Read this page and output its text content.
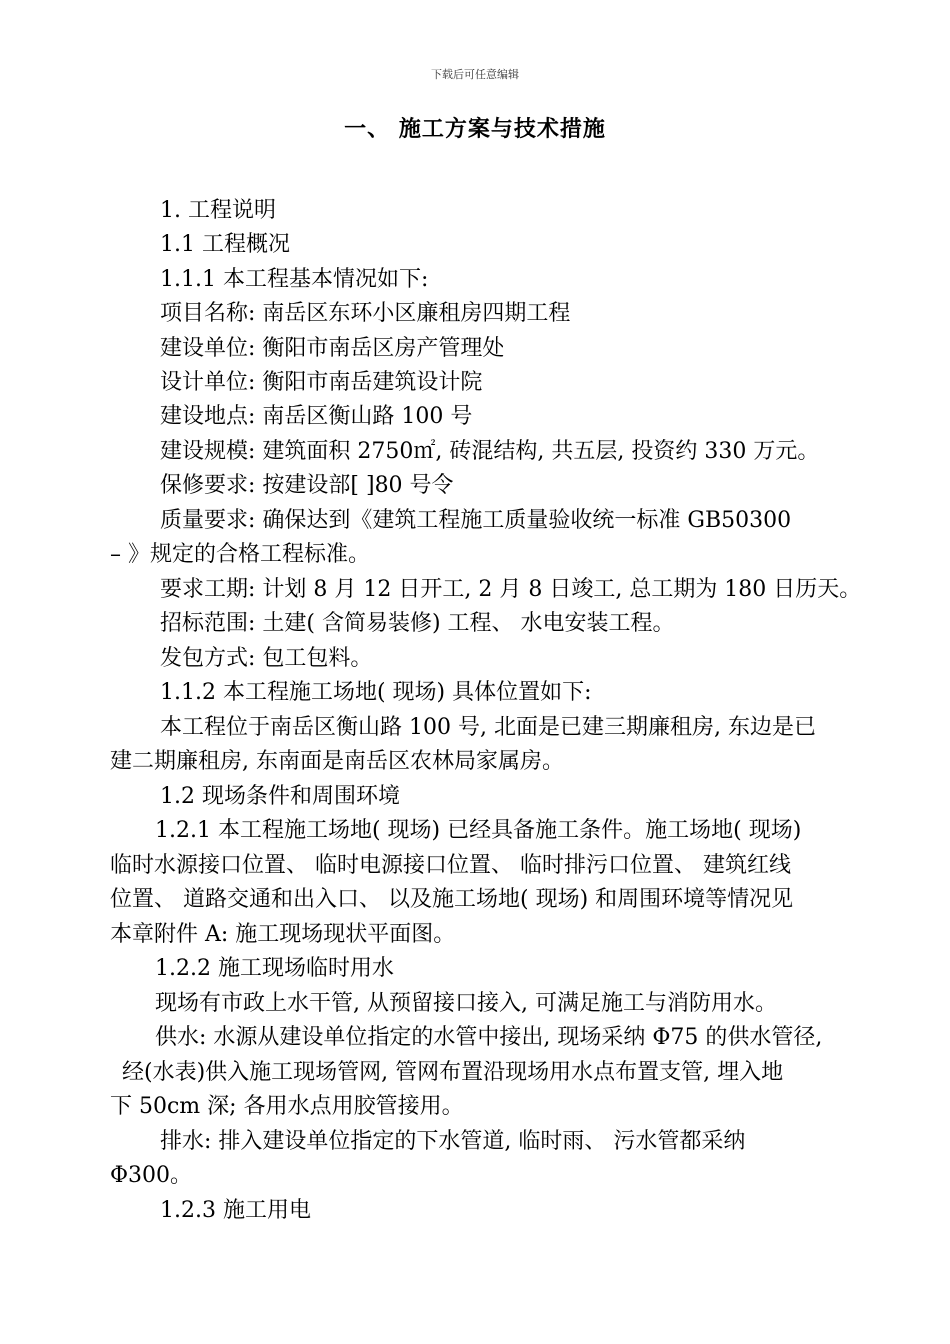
下载后可任意编辑
一、 施工方案与技术措施
1. 工程说明
1.1 工程概况
1.1.1 本工程基本情况如下:
项目名称: 南岳区东环小区廉租房四期工程
建设单位: 衡阳市南岳区房产管理处
设计单位: 衡阳市南岳建筑设计院
建设地点: 南岳区衡山路 100 号
建设规模: 建筑面积 2750㎡, 砖混结构, 共五层, 投资约 330 万元。
保修要求: 按建设部[ ]80 号令
质量要求: 确保达到《建筑工程施工质量验收统一标准 GB50300
– 》规定的合格工程标准。
要求工期: 计划 8 月 12 日开工, 2 月 8 日竣工, 总工期为 180 日历天。
招标范围: 土建( 含简易装修) 工程、 水电安装工程。
发包方式: 包工包料。
1.1.2 本工程施工场地( 现场) 具体位置如下:
本工程位于南岳区衡山路 100 号, 北面是已建三期廉租房, 东边是已
建二期廉租房, 东南面是南岳区农林局家属房。
1.2 现场条件和周围环境
1.2.1 本工程施工场地( 现场) 已经具备施工条件。施工场地( 现场)
临时水源接口位置、 临时电源接口位置、 临时排污口位置、 建筑红线
位置、 道路交通和出入口、 以及施工场地( 现场) 和周围环境等情况见
本章附件 A: 施工现场现状平面图。
1.2.2 施工现场临时用水
现场有市政上水干管, 从预留接口接入, 可满足施工与消防用水。
供水: 水源从建设单位指定的水管中接出, 现场采纳 Φ75 的供水管径,
经(水表)供入施工现场管网, 管网布置沿现场用水点布置支管, 埋入地
下 50cm 深; 各用水点用胶管接用。
排水: 排入建设单位指定的下水管道, 临时雨、 污水管都采纳
Φ300。
1.2.3 施工用电
